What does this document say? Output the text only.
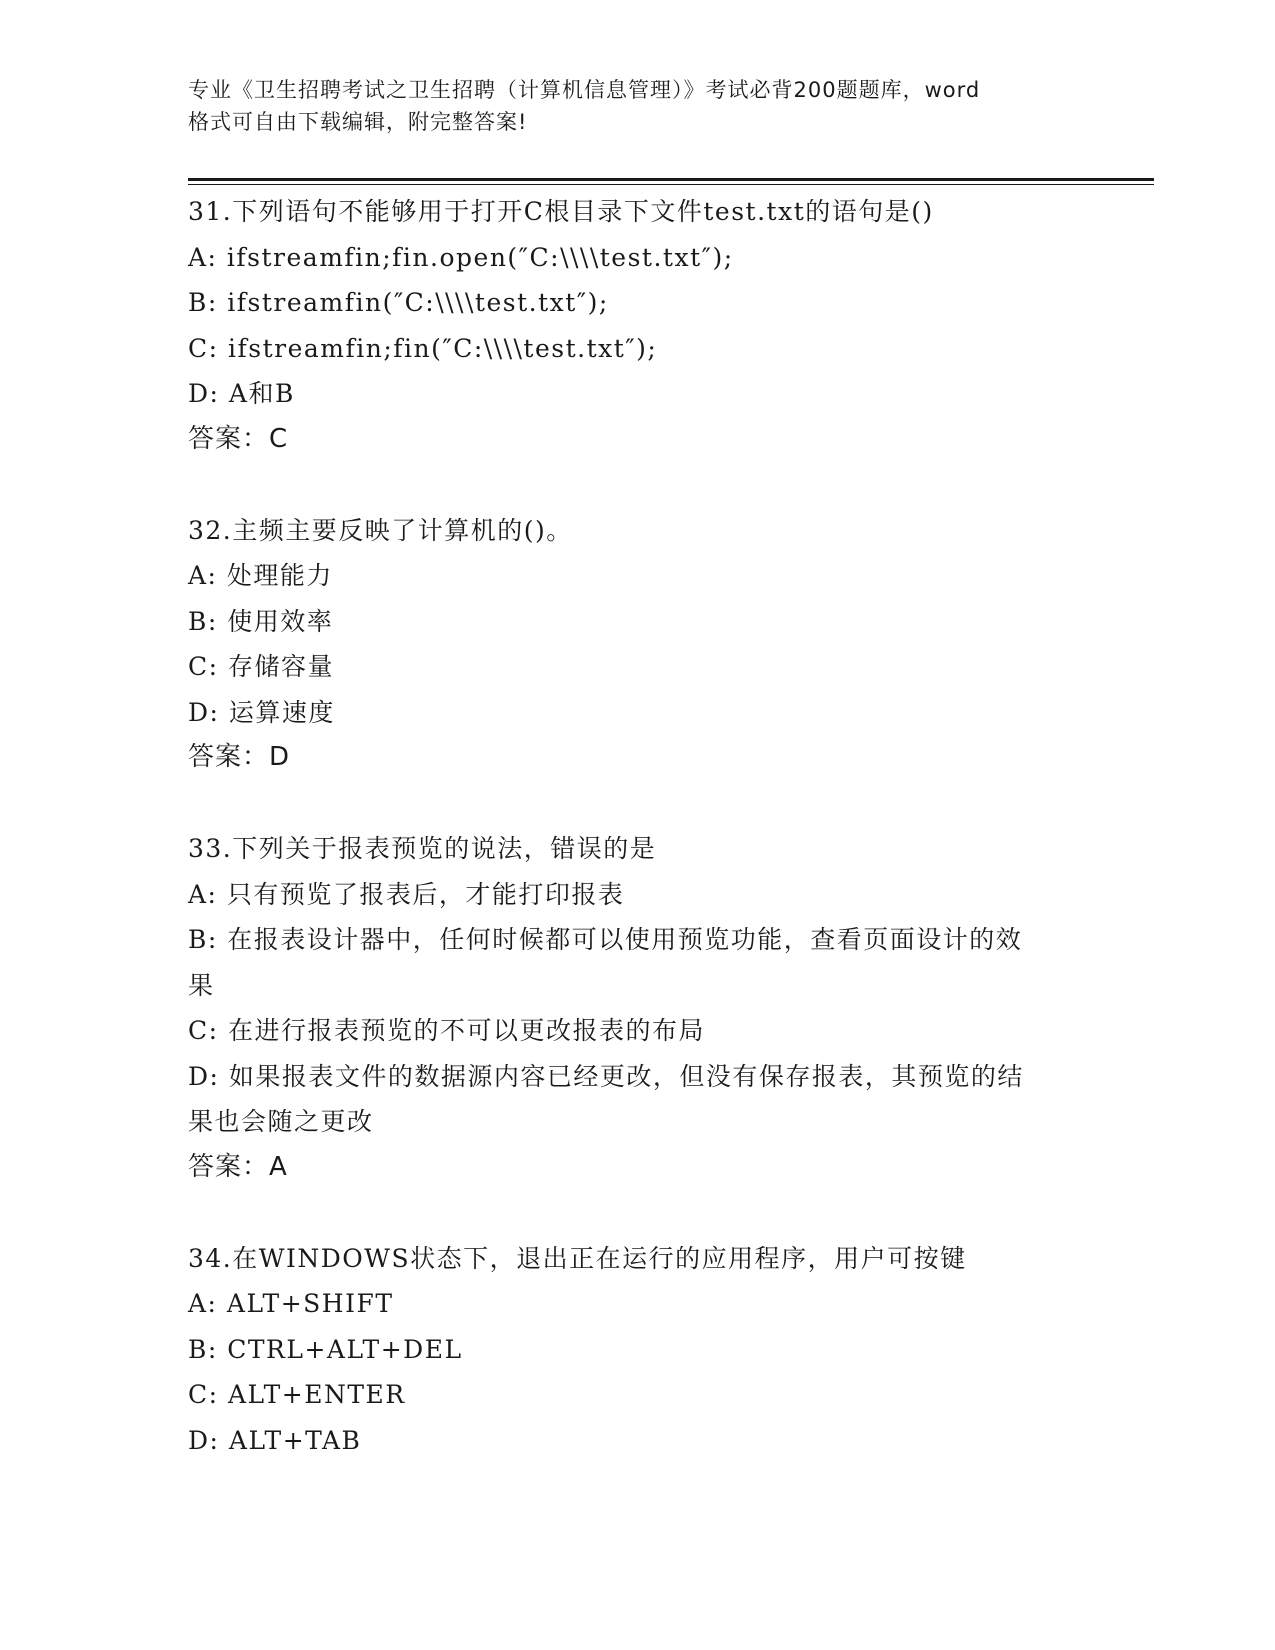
专业《卫生招聘考试之卫生招聘（计算机信息管理）》考试必背200题题库，word
格式可自由下载编辑，附完整答案!

31.下列语句不能够用于打开C根目录下文件test.txt的语句是()

A: ifstreamfin;fin.open(″C:\\\\test.txt″);

B: ifstreamfin(″C:\\\\test.txt″);

C: ifstreamfin;fin(″C:\\\\test.txt″);

D: A和B

答案：C

32.主频主要反映了计算机的()。

A: 处理能力

B: 使用效率

C: 存储容量

D: 运算速度

答案：D

33.下列关于报表预览的说法，错误的是

A: 只有预览了报表后，才能打印报表

B: 在报表设计器中，任何时候都可以使用预览功能，查看页面设计的效果

C: 在进行报表预览的不可以更改报表的布局

D: 如果报表文件的数据源内容已经更改，但没有保存报表，其预览的结果也会随之更改

答案：A

34.在WINDOWS状态下，退出正在运行的应用程序，用户可按键

A: ALT+SHIFT

B: CTRL+ALT+DEL

C: ALT+ENTER

D: ALT+TAB
